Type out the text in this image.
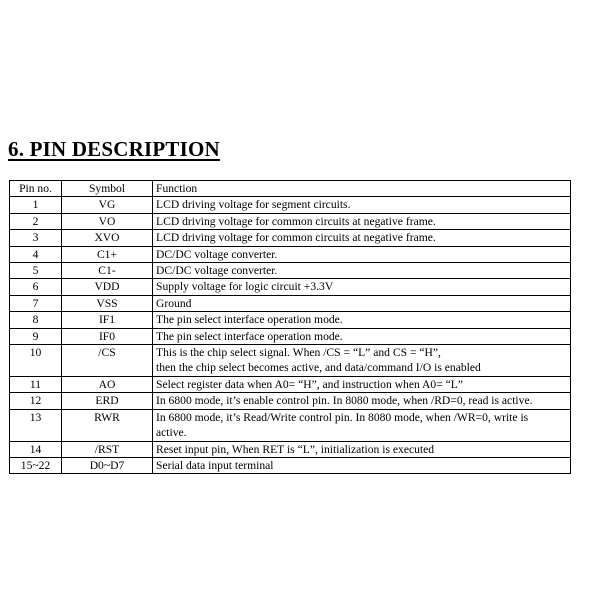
6. PIN DESCRIPTION
Pin no.	Symbol	Function
1	VG	LCD driving voltage for segment circuits.

2	VO	LCD driving voltage for common circuits at negative frame.

3	XVO	LCD driving voltage for common circuits at negative frame.

4	C1+	DC/DC voltage converter.

5	C1-	DC/DC voltage converter.

6	VDD	Supply voltage for logic circuit +3.3V

7	VSS	Ground

8	IF1	The pin select interface operation mode.

9	IF0	The pin select interface operation mode.

10	/CS	This is the chip select signal. When /CS = “L” and CS = “H”,
then the chip select becomes active, and data/command I/O is enabled

11	AO	Select register data when A0= “H”, and instruction when A0= “L”

12	ERD	In 6800 mode, it’s enable control pin. In 8080 mode, when /RD=0, read is active.

13	RWR	In 6800 mode, it’s Read/Write control pin. In 8080 mode, when /WR=0, write is
active.

14	/RST	Reset input pin, When RET is “L”, initialization is executed

15~22	D0~D7	Serial data input terminal
